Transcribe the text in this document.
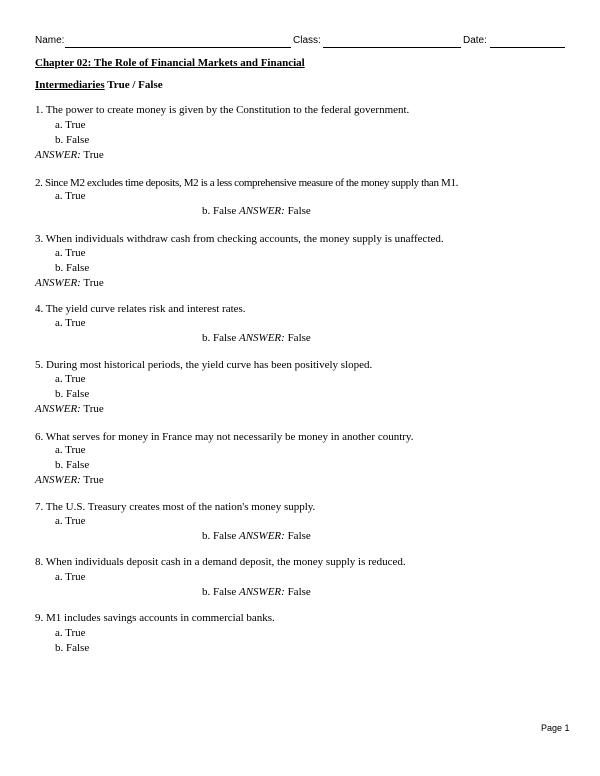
Name:	Class:	Date:
Chapter 02: The Role of Financial Markets and Financial
Intermediaries True / False
1. The power to create money is given by the Constitution to the federal government.
a. True
b. False
ANSWER: True
2. Since M2 excludes time deposits, M2 is a less comprehensive measure of the money supply than M1.
a. True
b. False ANSWER: False
3. When individuals withdraw cash from checking accounts, the money supply is unaffected.
a. True
b. False
ANSWER: True
4. The yield curve relates risk and interest rates.
a. True
b. False ANSWER: False
5. During most historical periods, the yield curve has been positively sloped.
a. True
b. False
ANSWER: True
6. What serves for money in France may not necessarily be money in another country.
a. True
b. False
ANSWER: True
7. The U.S. Treasury creates most of the nation's money supply.
a. True
b. False ANSWER: False
8. When individuals deposit cash in a demand deposit, the money supply is reduced.
a. True
b. False ANSWER: False
9. M1 includes savings accounts in commercial banks.
a. True
b. False
Page 1
